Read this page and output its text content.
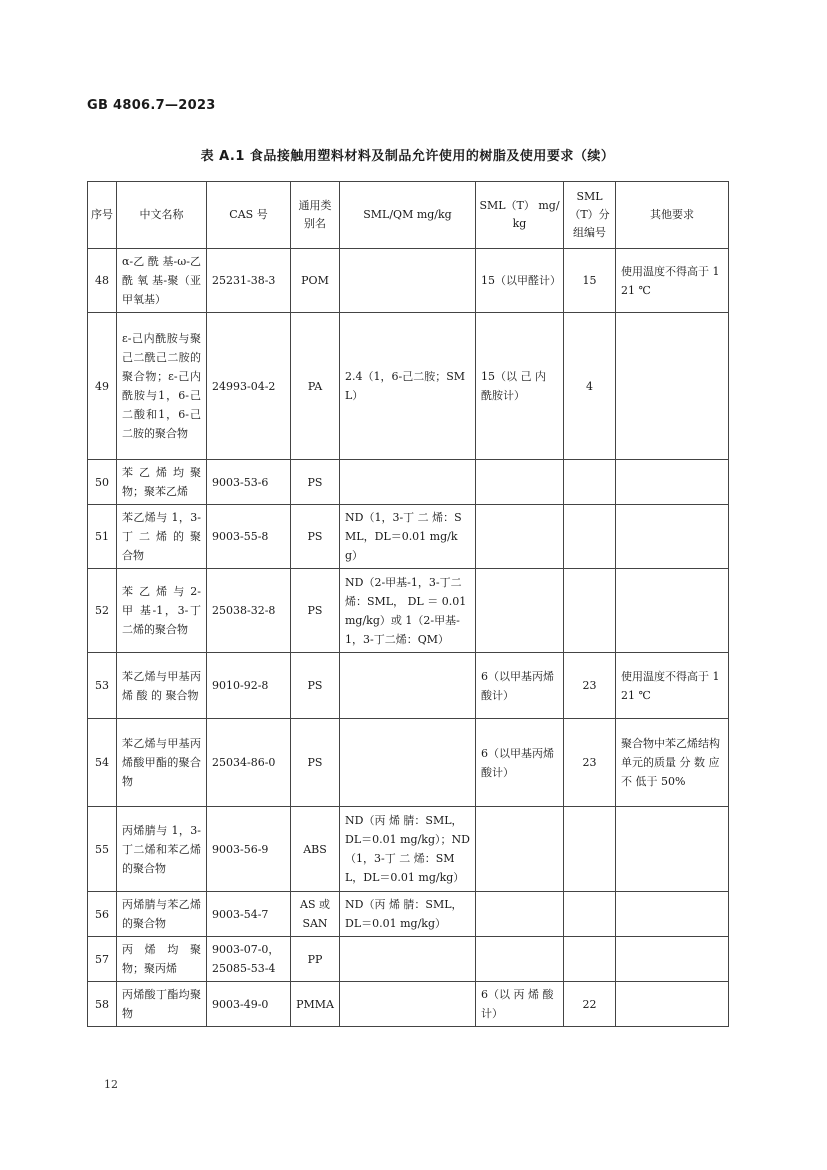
GB 4806.7—2023
表 A.1 食品接触用塑料材料及制品允许使用的树脂及使用要求（续）
序号	中文名称	CAS 号	通用类别名	SML/QM mg/kg	SML（T） mg/kg	SML（T）分组编号	其他要求
48	α-乙 酰 基-ω-乙 酰 氧 基-聚（亚甲氧基）	25231-38-3	POM		15（以甲醛计）	15	使用温度不得高于 121 ℃
49	ε-己内酰胺与聚己二酰己二胺的聚合物；ε-己内酰胺与1，6-己二酸和1，6-己二胺的聚合物	24993-04-2	PA	2.4（1，6-己二胺；SML）	15（以 己 内 酰胺计）	4	
50	苯 乙 烯 均 聚物；聚苯乙烯	9003-53-6	PS				
51	苯乙烯与 1，3-丁 二 烯 的 聚合物	9003-55-8	PS	ND（1，3-丁 二 烯：SML，DL＝0.01 mg/kg）			
52	苯 乙 烯 与 2-甲 基-1，3-丁二烯的聚合物	25038-32-8	PS	ND（2-甲基-1，3-丁二烯：SML， DL ＝ 0.01 mg/kg）或 1（2-甲基-1，3-丁二烯：QM）			
53	苯乙烯与甲基丙 烯 酸 的 聚合物	9010-92-8	PS		6（以甲基丙烯酸计）	23	使用温度不得高于 121 ℃
54	苯乙烯与甲基丙烯酸甲酯的聚合物	25034-86-0	PS		6（以甲基丙烯酸计）	23	聚合物中苯乙烯结构单元的质量 分 数 应 不 低于 50%
55	丙烯腈与 1，3-丁二烯和苯乙烯的聚合物	9003-56-9	ABS	ND（丙 烯 腈：SML，DL＝0.01 mg/kg）；ND（1，3-丁 二 烯：SML，DL＝0.01 mg/kg）			
56	丙烯腈与苯乙烯的聚合物	9003-54-7	AS 或 SAN	ND（丙 烯 腈：SML，DL＝0.01 mg/kg）			
57	丙 烯 均 聚 物；聚丙烯	9003-07-0，25085-53-4	PP				
58	丙烯酸丁酯均聚物	9003-49-0	PMMA		6（以 丙 烯 酸计）	22	
12
